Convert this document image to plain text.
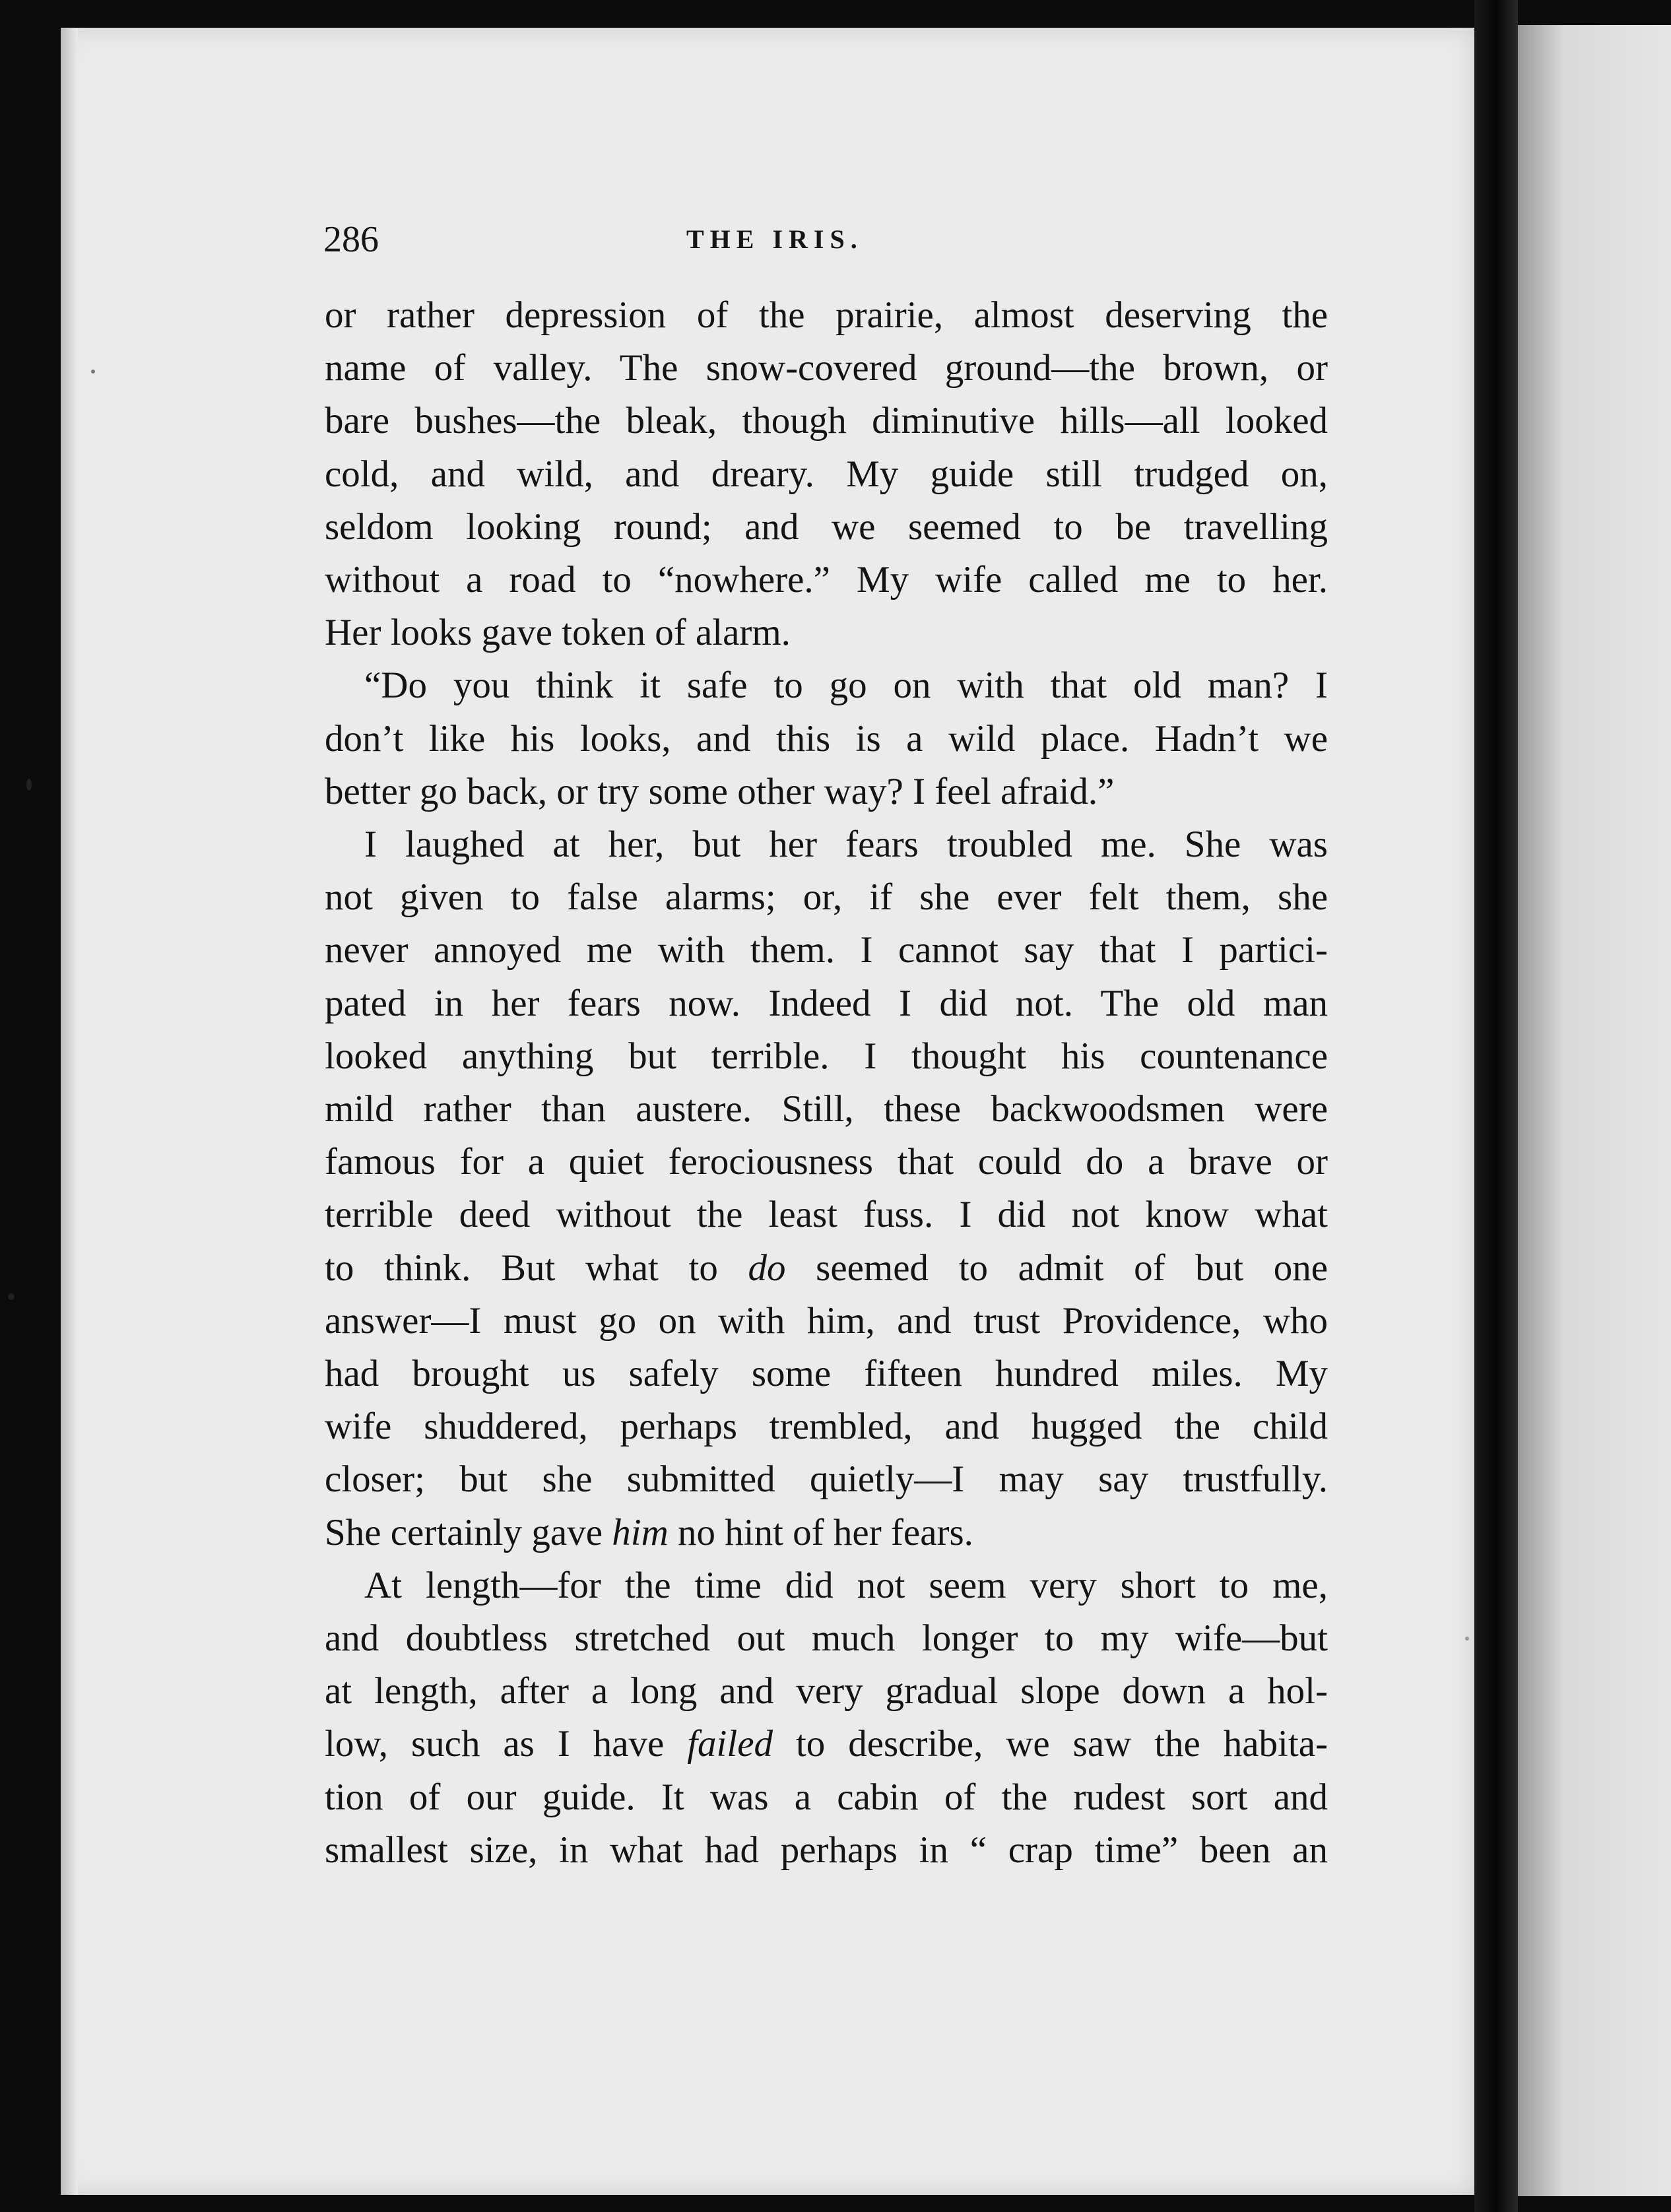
286	THE IRIS.
or rather depression of the prairie, almost deserving the
name of valley. The snow-covered ground—the brown, or
bare bushes—the bleak, though diminutive hills—all looked
cold, and wild, and dreary. My guide still trudged on,
seldom looking round; and we seemed to be travelling
without a road to “nowhere.” My wife called me to her.
Her looks gave token of alarm.
“Do you think it safe to go on with that old man? I
don’t like his looks, and this is a wild place. Hadn’t we
better go back, or try some other way? I feel afraid.”
I laughed at her, but her fears troubled me. She was
not given to false alarms; or, if she ever felt them, she
never annoyed me with them. I cannot say that I partici-
pated in her fears now. Indeed I did not. The old man
looked anything but terrible. I thought his countenance
mild rather than austere. Still, these backwoodsmen were
famous for a quiet ferociousness that could do a brave or
terrible deed without the least fuss. I did not know what
to think. But what to do seemed to admit of but one
answer—I must go on with him, and trust Providence, who
had brought us safely some fifteen hundred miles. My
wife shuddered, perhaps trembled, and hugged the child
closer; but she submitted quietly—I may say trustfully.
She certainly gave him no hint of her fears.
At length—for the time did not seem very short to me,
and doubtless stretched out much longer to my wife—but
at length, after a long and very gradual slope down a hol-
low, such as I have failed to describe, we saw the habita-
tion of our guide. It was a cabin of the rudest sort and
smallest size, in what had perhaps in “ crap time” been an
